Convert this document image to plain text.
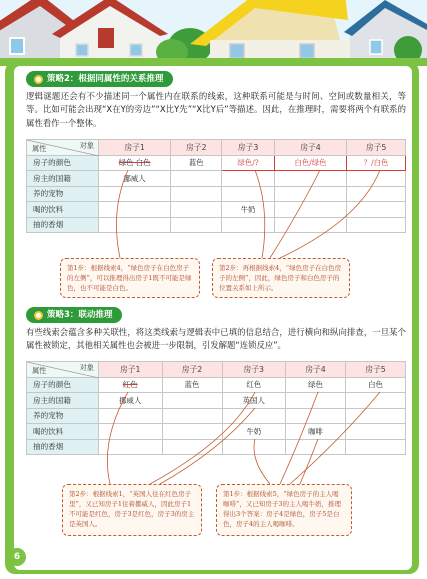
策略2：根据同属性的关系推理

逻辑谜题还会有不少描述同一个属性内在联系的线索，这种联系可能是与时间、空间或数量相关，等等。比如可能会出现“X在Y的旁边”“X比Y先”“X比Y后”等描述。因此，在推理时，需要将两个有联系的属性看作一个整体。

对象
属性	房子1	房子2	房子3	房子4	房子5
房子的颜色	绿色 白色	蓝色	绿色/?	白色/绿色	？/白色
房主的国籍	挪威人				
养的宠物					
喝的饮料			牛奶		
抽的香烟					
第1步：根据线索4，“绿色房子在白色房子的左侧”，可以推理得出房子1既不可能是绿色，也不可能是白色。
第2步：再根据线索4，“绿色房子在白色房子的左侧”，因此，绿色房子和白色房子的位置关系如上所示。
策略3：联动推理

有些线索会蕴含多种关联性，将这类线索与逻辑表中已填的信息结合，进行横向和纵向排查，一旦某个属性被锁定，其他相关属性也会被进一步限制，引发解题“连锁反应”。

对象
属性	房子1	房子2	房子3	房子4	房子5
房子的颜色	红色	蓝色	红色	绿色	白色
房主的国籍	挪威人		英国人		
养的宠物					
喝的饮料			牛奶	咖啡	
抽的香烟					
第2步：根据线索1，“英国人住在红色房子里”，又已知房子1住着挪威人，因此房子1不可能是红色，房子3是红色，房子3的房主是英国人。
第1步：根据线索5，“绿色房子的主人喝咖啡”，又已知房子3的主人喝牛奶，推理得出3个答案：房子4是绿色，房子5是白色，房子4的主人喝咖啡。
6
